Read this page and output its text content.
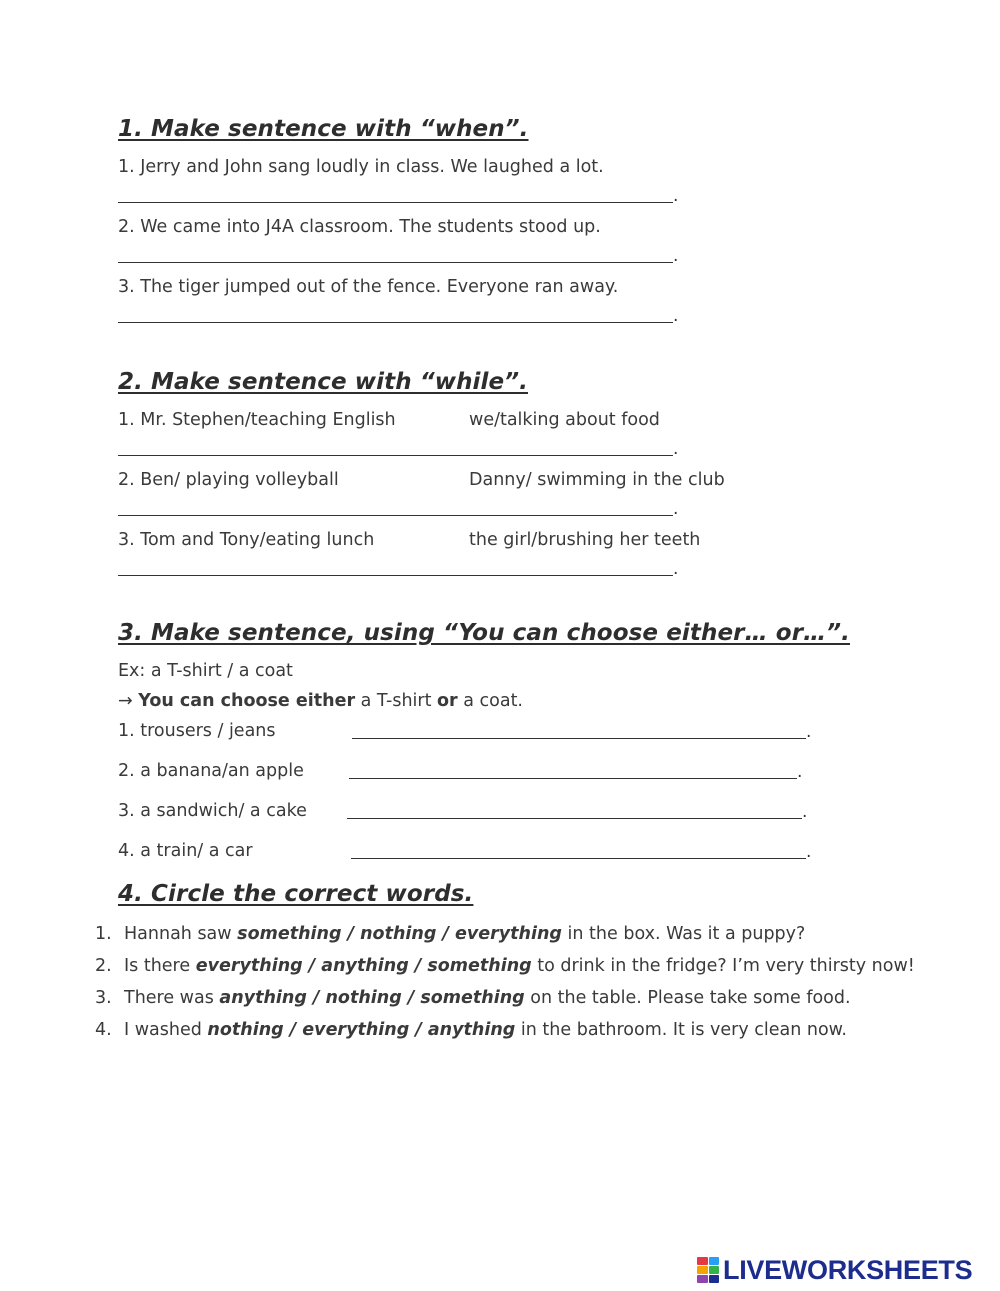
1. Make sentence with “when”.
1. Jerry and John sang loudly in class. We laughed a lot.
.
2. We came into J4A classroom. The students stood up.
.
3. The tiger jumped out of the fence. Everyone ran away.
.
2. Make sentence with “while”.
1. Mr. Stephen/teaching English	we/talking about food
.
2. Ben/ playing volleyball	Danny/ swimming in the club
.
3. Tom and Tony/eating lunch	the girl/brushing her teeth
.
3. Make sentence, using “You can choose either… or…”.
Ex: a T-shirt / a coat
→ You can choose either a T-shirt or a coat.
1. trousers / jeans	.
2. a banana/an apple	.
3. a sandwich/ a cake	.
4. a train/ a car	.
4. Circle the correct words.
1. Hannah saw something / nothing / everything in the box. Was it a puppy?
2. Is there everything / anything / something to drink in the fridge? I’m very thirsty now!
3. There was anything / nothing / something on the table. Please take some food.
4. I washed nothing / everything / anything in the bathroom. It is very clean now.
LIVEWORKSHEETS
